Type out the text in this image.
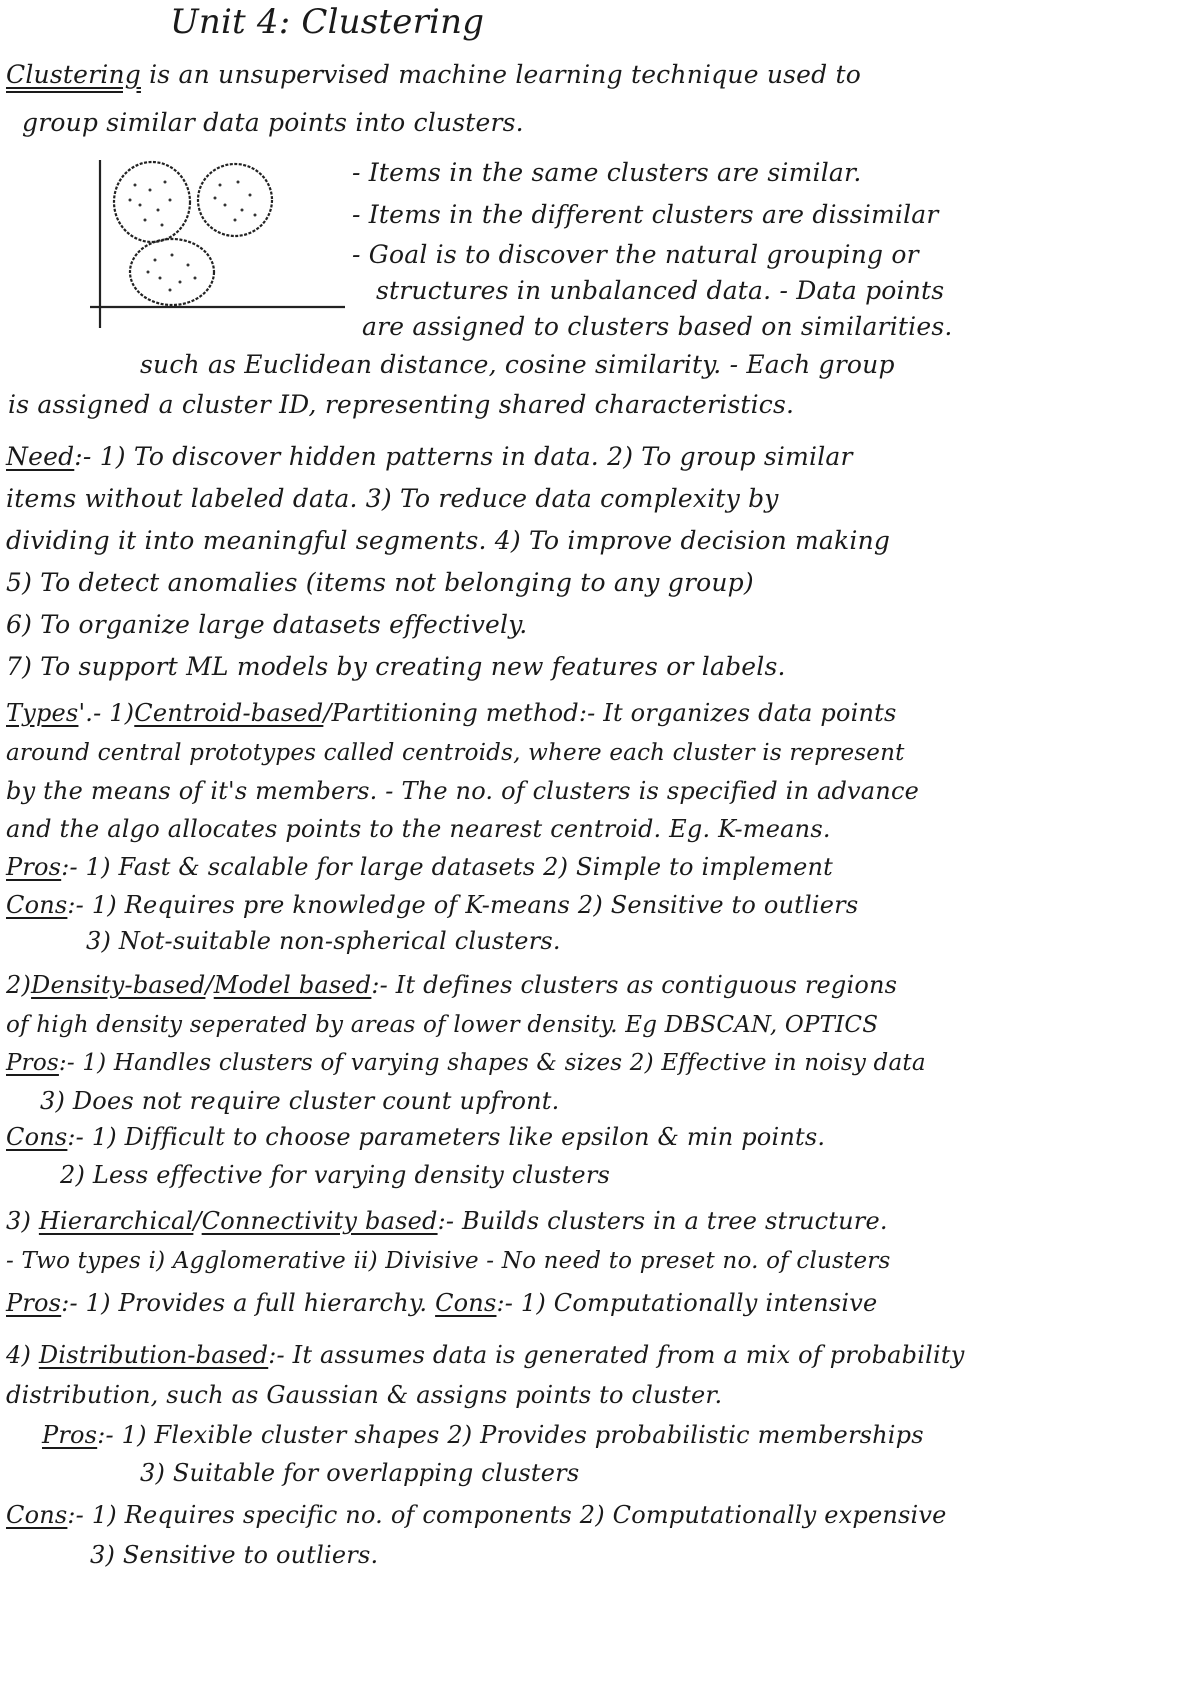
Unit 4: Clustering
Clustering is an unsupervised machine learning technique used to
group similar data points into clusters.
- Items in the same clusters are similar.
- Items in the different clusters are dissimilar
- Goal is to discover the natural grouping or
structures in unbalanced data. - Data points
are assigned to clusters based on similarities.
such as Euclidean distance, cosine similarity. - Each group
is assigned a cluster ID, representing shared characteristics.
Need:- 1) To discover hidden patterns in data. 2) To group similar
items without labeled data. 3) To reduce data complexity by
dividing it into meaningful segments. 4) To improve decision making
5) To detect anomalies (items not belonging to any group)
6) To organize large datasets effectively.
7) To support ML models by creating new features or labels.
Types'.- 1)Centroid-based/Partitioning method:- It organizes data points
around central prototypes called centroids, where each cluster is represent
by the means of it's members. - The no. of clusters is specified in advance
and the algo allocates points to the nearest centroid. Eg. K-means.
Pros:- 1) Fast & scalable for large datasets 2) Simple to implement
Cons:- 1) Requires pre knowledge of K-means 2) Sensitive to outliers
3) Not-suitable non-spherical clusters.
2)Density-based/Model based:- It defines clusters as contiguous regions
of high density seperated by areas of lower density. Eg DBSCAN, OPTICS
Pros:- 1) Handles clusters of varying shapes & sizes 2) Effective in noisy data
3) Does not require cluster count upfront.
Cons:- 1) Difficult to choose parameters like epsilon & min points.
2) Less effective for varying density clusters
3) Hierarchical/Connectivity based:- Builds clusters in a tree structure.
- Two types i) Agglomerative ii) Divisive - No need to preset no. of clusters
Pros:- 1) Provides a full hierarchy. Cons:- 1) Computationally intensive
4) Distribution-based:- It assumes data is generated from a mix of probability
distribution, such as Gaussian & assigns points to cluster.
Pros:- 1) Flexible cluster shapes 2) Provides probabilistic memberships
3) Suitable for overlapping clusters
Cons:- 1) Requires specific no. of components 2) Computationally expensive
3) Sensitive to outliers.
